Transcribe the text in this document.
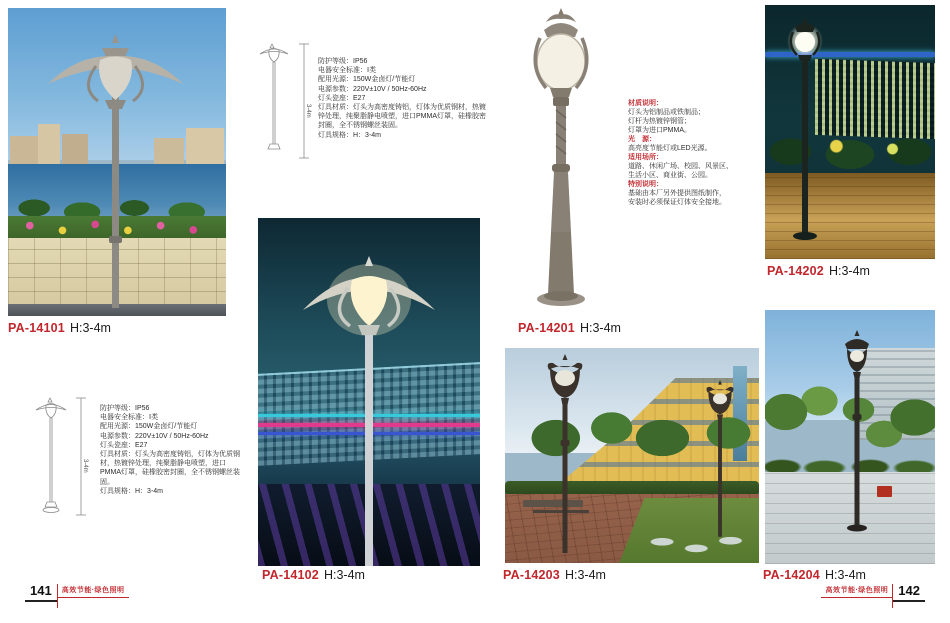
PA-14101 H:3-4m
3-4m
防护等级：IP56
电器安全标准：Ⅰ类
配用光源：150W金卤灯/节能灯
电源参数：220V±10V / 50Hz-60Hz
灯头瓷座：E27
灯具材质：灯头为高密度铸铝，灯体为优质钢材，热镀锌处理，纯聚脂静电喷塑，进口PMMA灯罩，硅橡胶密封圈，全不锈钢螺丝装固。
灯具规格：H：3-4m
PA-14102 H:3-4m
PA-14201 H:3-4m
材质说明：
灯头为铝制品或铁制品；
灯杆为热镀锌钢管；
灯罩为进口PMMA。
光　源：
高亮度节能灯或LED光源。
适用场所：
道路、休闲广场、校园、风景区、
生活小区、商业街、公园。
特别说明：
基础由本厂另外提供图纸制作，
安装时必须保证灯体安全接地。
PA-14202 H:3-4m
PA-14203 H:3-4m	PA-14204 H:3-4m
3-4m
防护等级：IP56
电器安全标准：Ⅰ类
配用光源：150W金卤灯/节能灯
电源参数：220V±10V / 50Hz-60Hz
灯头瓷座：E27
灯具材质：灯头为高密度铸铝，灯体为优质钢材，热镀锌处理，纯聚脂静电喷塑，进口PMMA灯罩，硅橡胶密封圈，全不锈钢螺丝装固。
灯具规格：H：3-4m
141	高效节能·绿色照明	高效节能·绿色照明 142
